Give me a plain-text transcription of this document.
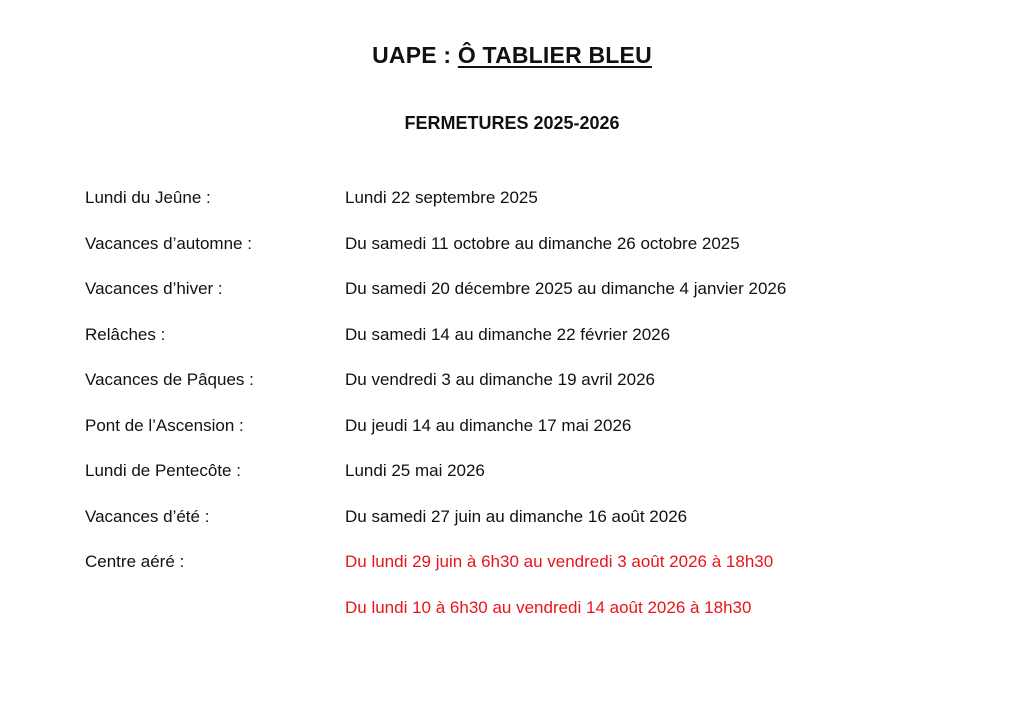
UAPE : Ô TABLIER BLEU
FERMETURES 2025-2026
Lundi du Jeûne :	Lundi 22 septembre 2025
Vacances d’automne :	Du samedi 11 octobre au dimanche 26 octobre 2025
Vacances d’hiver :	Du samedi 20 décembre 2025 au dimanche 4 janvier 2026
Relâches :	Du samedi 14 au dimanche 22 février 2026
Vacances de Pâques :	Du vendredi 3 au dimanche 19 avril 2026
Pont de l’Ascension :	Du jeudi 14 au dimanche 17 mai 2026
Lundi de Pentecôte :	Lundi 25 mai 2026
Vacances d’été :	Du samedi 27 juin au dimanche 16 août 2026
Centre aéré :	Du lundi 29 juin à 6h30 au vendredi 3 août 2026 à 18h30
Du lundi 10 à 6h30 au vendredi 14 août 2026 à 18h30
